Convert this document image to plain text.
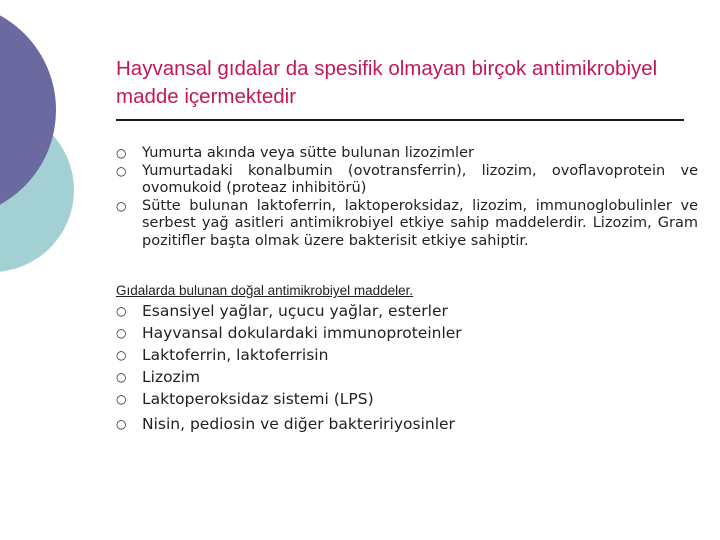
Hayvansal gıdalar da spesifik olmayan birçok antimikrobiyel madde içermektedir
○ Yumurta akında veya sütte bulunan lizozimler
○ Yumurtadaki konalbumin (ovotransferrin), lizozim, ovoflavoprotein ve ovomukoid (proteaz inhibitörü)
○ Sütte bulunan laktoferrin, laktoperoksidaz, lizozim, immunoglobulinler ve serbest yağ asitleri antimikrobiyel etkiye sahip maddelerdir. Lizozim, Gram pozitifler başta olmak üzere bakterisit etkiye sahiptir.
Gıdalarda bulunan doğal antimikrobiyel maddeler.
○ Esansiyel yağlar, uçucu yağlar, esterler
○ Hayvansal dokulardaki immunoproteinler
○ Laktoferrin, laktoferrisin
○ Lizozim
○ Laktoperoksidaz sistemi (LPS)
○ Nisin, pediosin ve diğer bakteririyosinler
